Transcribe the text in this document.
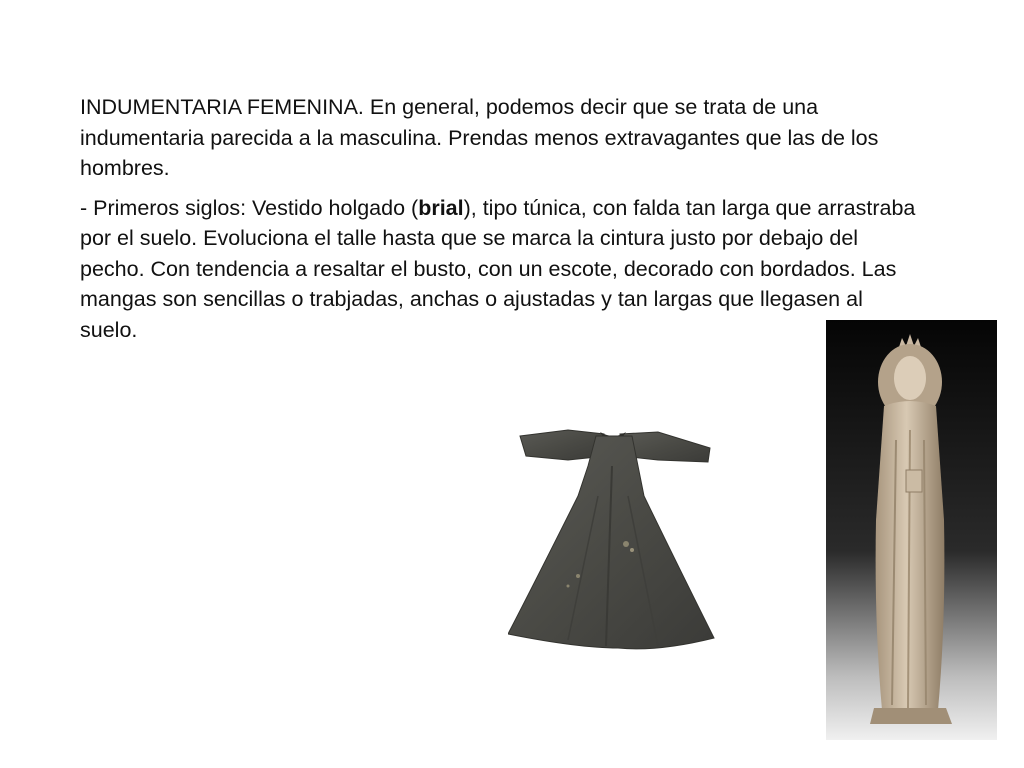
INDUMENTARIA FEMENINA. En general, podemos decir que se trata de una indumentaria parecida a la masculina. Prendas menos extravagantes que las de los hombres.

- Primeros siglos: Vestido holgado (brial), tipo túnica, con falda tan larga que arrastraba por el suelo. Evoluciona el talle hasta que se marca la cintura justo por debajo del pecho. Con tendencia a resaltar el busto, con un escote, decorado con bordados. Las mangas son sencillas o trabjadas, anchas o ajustadas y tan largas que llegasen al suelo.
